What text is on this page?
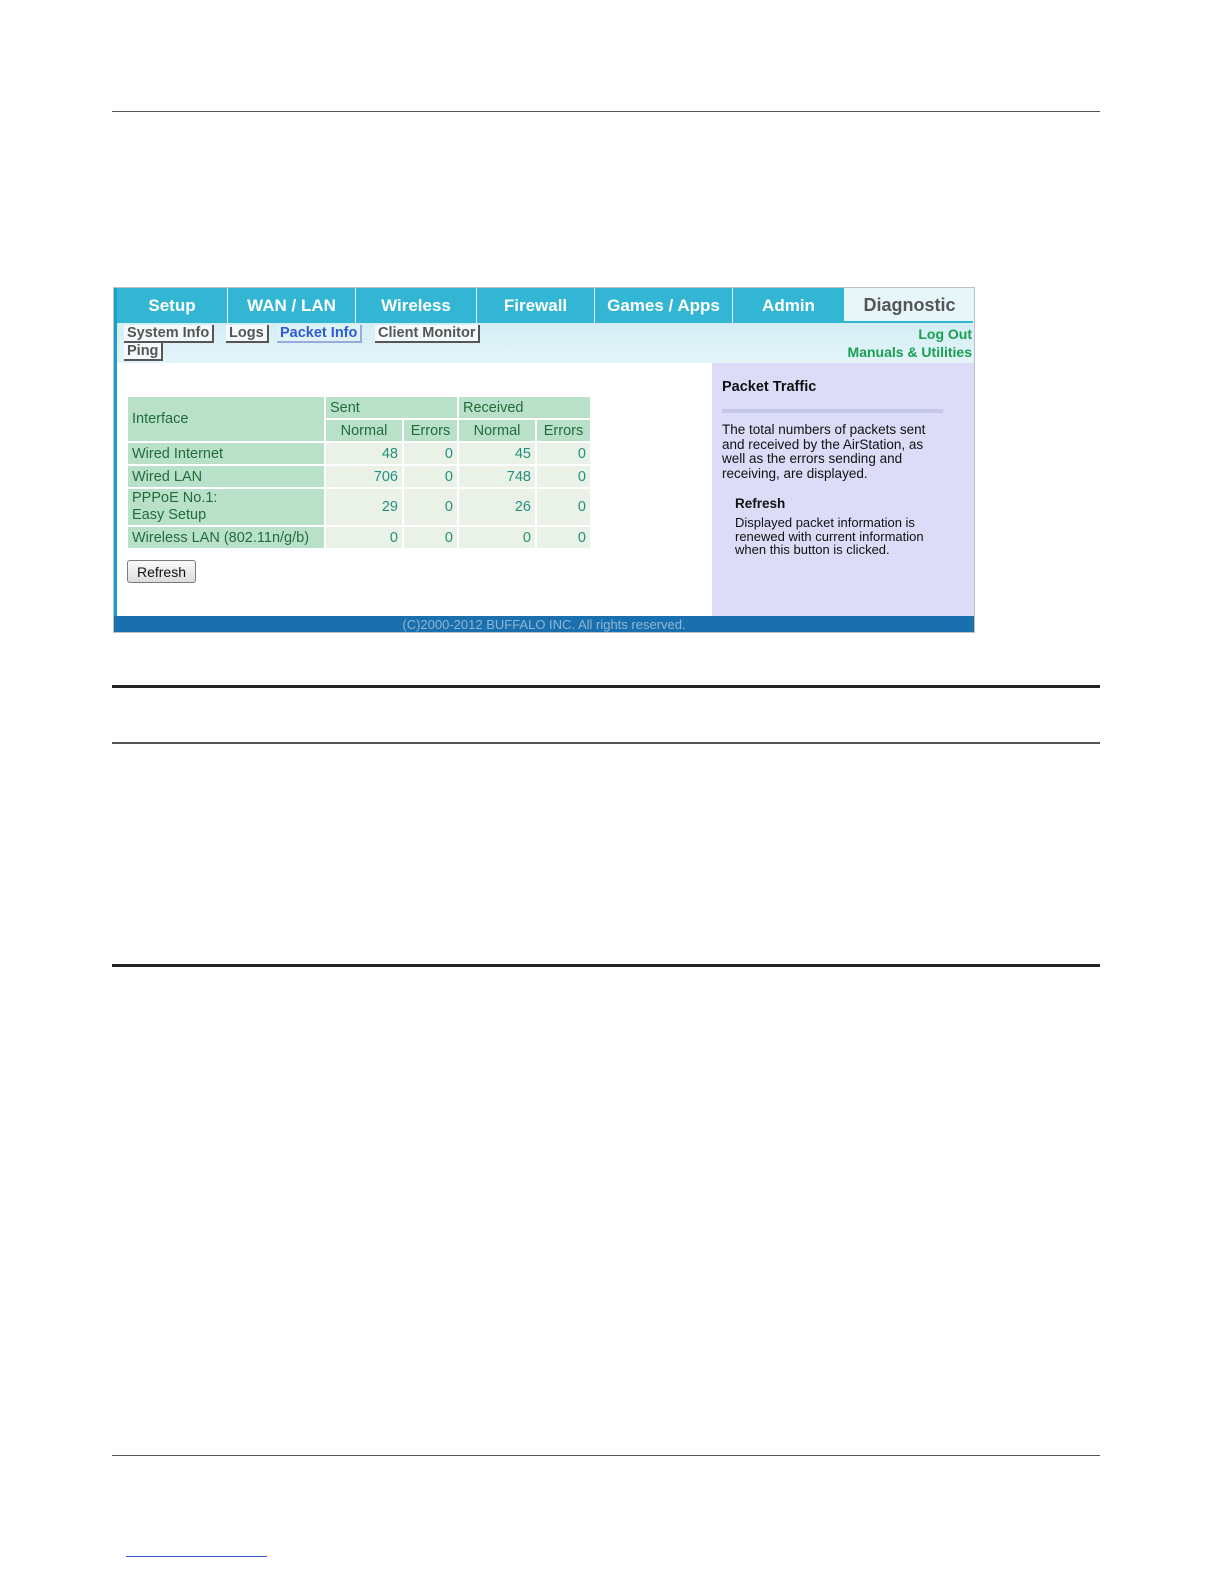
Setup	WAN / LAN	Wireless	Firewall	Games / Apps	Admin	Diagnostic
System Info	Logs	Packet Info	Client Monitor
Ping
Log Out
Manuals & Utilities
Interface	Sent		Received	
	Normal	Errors	Normal	Errors
Wired Internet	48	0	45	0
Wired LAN	706	0	748	0

PPPoE No.1:
Easy Setup	29	0	26	0
Wireless LAN (802.11n/g/b)	0	0	0	0
Refresh
Packet Traffic
The total numbers of packets sent and received by the AirStation, as well as the errors sending and receiving, are displayed.
Refresh
Displayed packet information is renewed with current information when this button is clicked.
(C)2000-2012 BUFFALO INC. All rights reserved.
